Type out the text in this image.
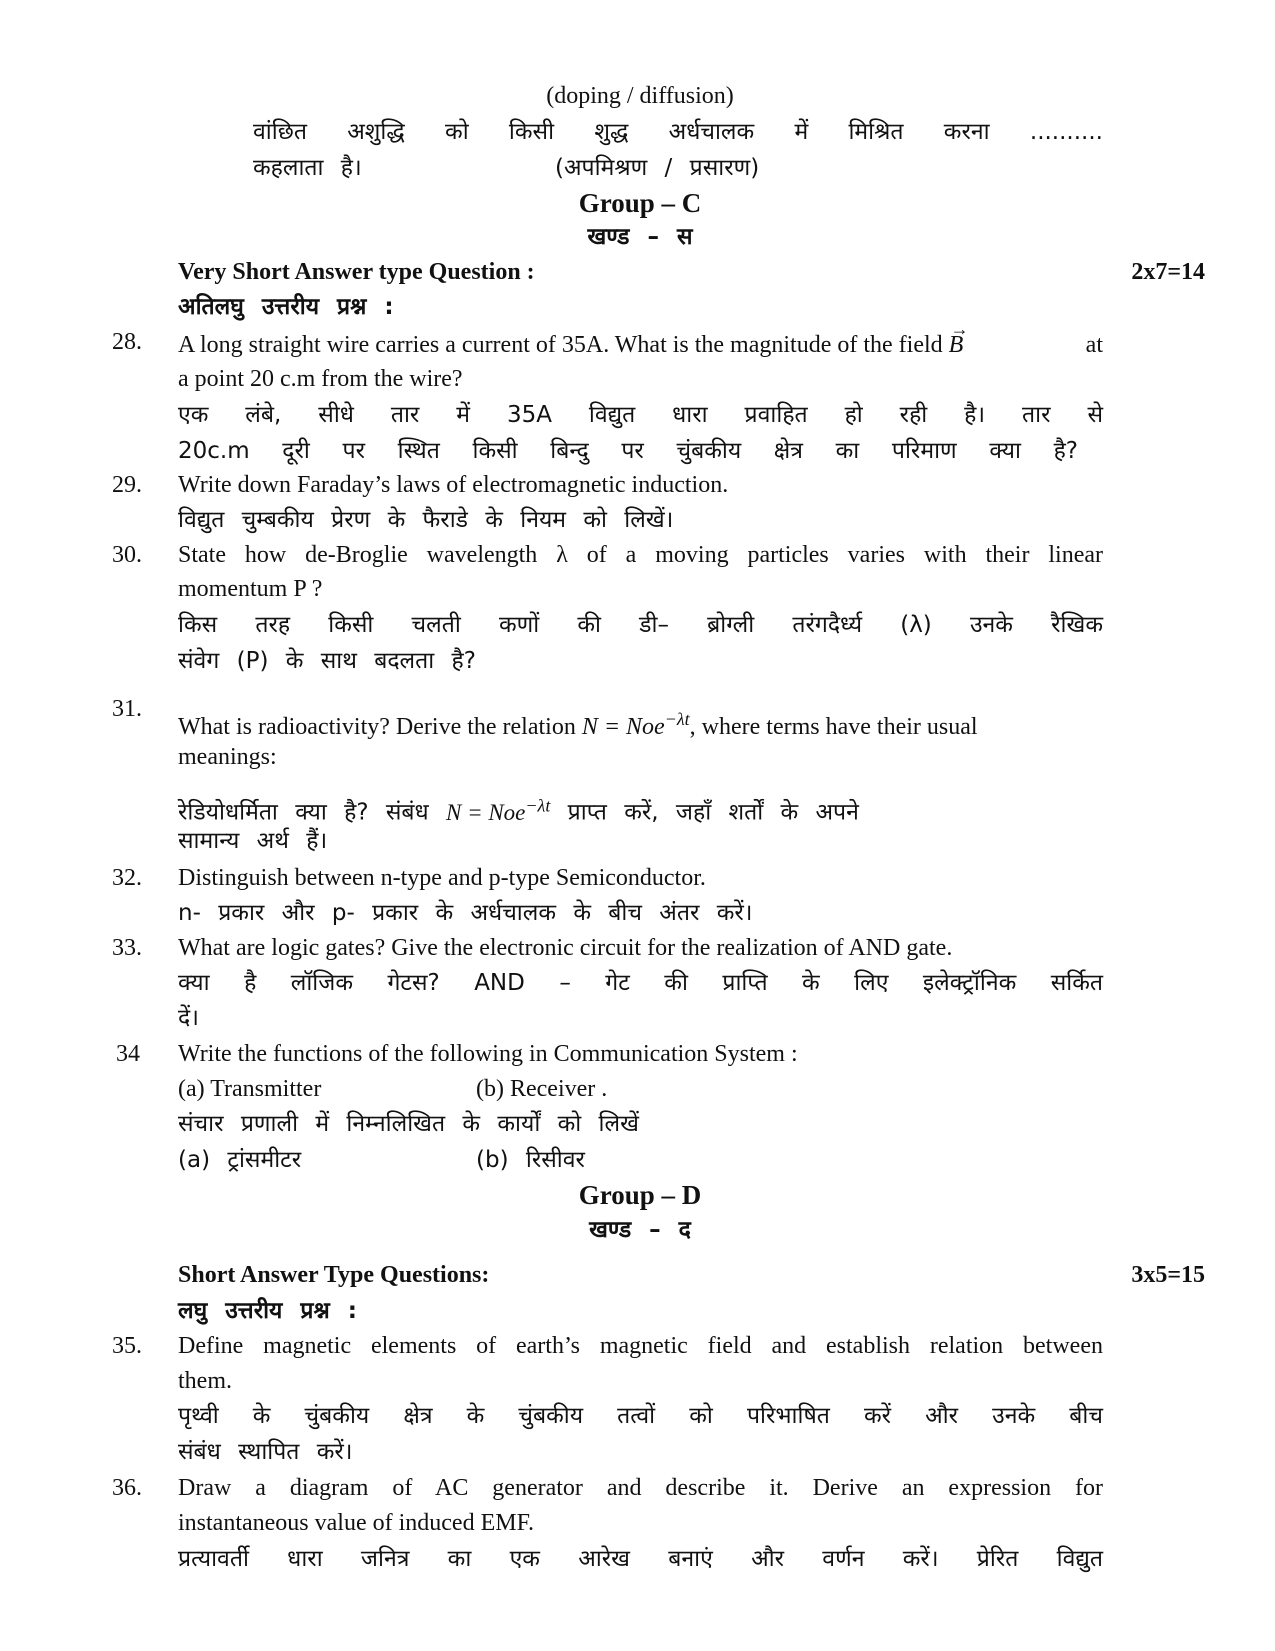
(doping / diffusion)
वांछित अशुद्धि को किसी शुद्ध अर्धचालक में मिश्रित करना ..........
कहलाता है।	(अपमिश्रण / प्रसारण)
Group – C
खण्ड – स
Very Short Answer type Question :	2x7=14
अतिलघु उत्तरीय प्रश्न :
28. A long straight wire carries a current of 35A. What is the magnitude of the field
→
B	at
a point 20 c.m from the wire?
एक लंबे, सीधे तार में 35A विद्युत धारा प्रवाहित हो रही है। तार से
20c.m दूरी पर स्थित किसी बिन्दु पर चुंबकीय क्षेत्र का परिमाण क्या है?
29. Write down Faraday’s laws of electromagnetic induction.
विद्युत चुम्बकीय प्रेरण के फैराडे के नियम को लिखें।
30. State how de-Broglie wavelength λ of a moving particles varies with their linear
momentum P ?
किस तरह किसी चलती कणों की डी– ब्रोग्ली तरंगदैर्ध्य (λ) उनके रैखिक
संवेग (P) के साथ बदलता है?
31.
What is radioactivity? Derive the relation N = Noe$^{-\lambda t}$, where terms have their usual
meanings:
रेडियोधर्मिता क्या है? संबंध N = Noe$^{-\lambda t}$ प्राप्त करें, जहाँ शर्तों के अपने
सामान्य अर्थ हैं।
32. Distinguish between n-type and p-type Semiconductor.
n- प्रकार और p- प्रकार के अर्धचालक के बीच अंतर करें।
33. What are logic gates? Give the electronic circuit for the realization of AND gate.
क्या है लॉजिक गेटस? AND – गेट की प्राप्ति के लिए इलेक्ट्रॉनिक सर्कित
दें।
34 Write the functions of the following in Communication System :
(a) Transmitter	(b) Receiver .
संचार प्रणाली में निम्नलिखित के कार्यों को लिखें
(a) ट्रांसमीटर	(b) रिसीवर
Group – D
खण्ड – द
Short Answer Type Questions:	3x5=15
लघु उत्तरीय प्रश्न :
35. Define magnetic elements of earth’s magnetic field and establish relation between
them.
पृथ्वी के चुंबकीय क्षेत्र के चुंबकीय तत्वों को परिभाषित करें और उनके बीच
संबंध स्थापित करें।
36. Draw a diagram of AC generator and describe it. Derive an expression for
instantaneous value of induced EMF.
प्रत्यावर्ती धारा जनित्र का एक आरेख बनाएं और वर्णन करें। प्रेरित विद्युत
